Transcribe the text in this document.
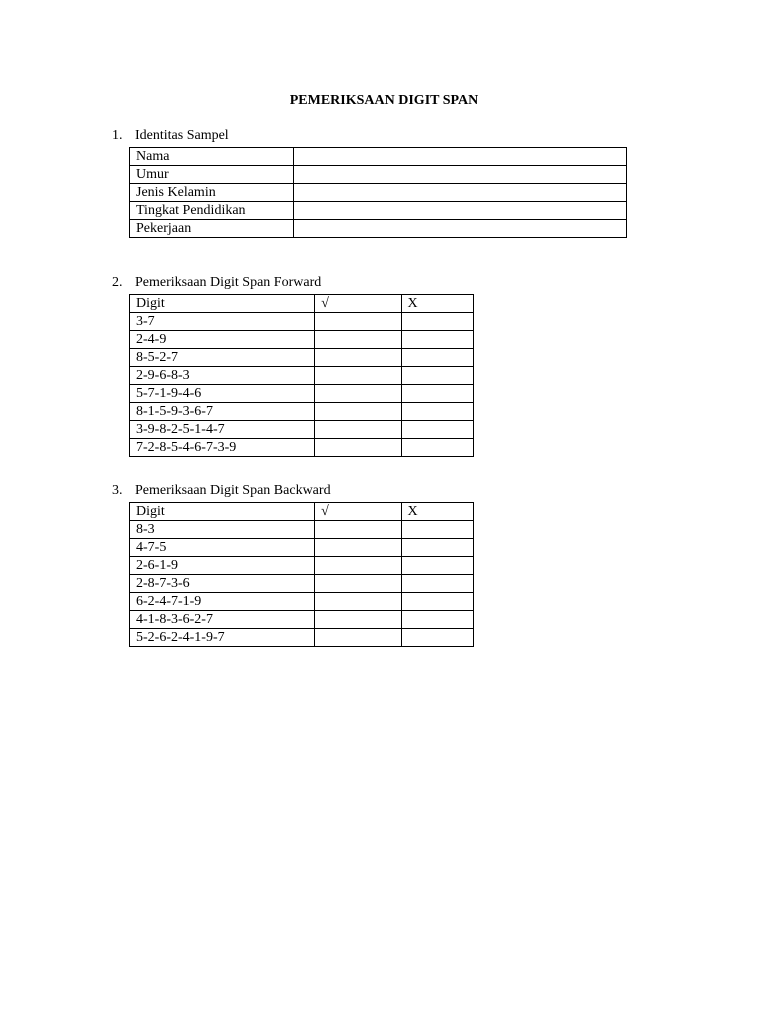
PEMERIKSAAN DIGIT SPAN
1. Identitas Sampel
Nama	
Umur	
Jenis Kelamin	
Tingkat Pendidikan	
Pekerjaan	
2. Pemeriksaan Digit Span Forward
Digit	√	X
3-7		
2-4-9		
8-5-2-7		
2-9-6-8-3		
5-7-1-9-4-6		
8-1-5-9-3-6-7		
3-9-8-2-5-1-4-7		
7-2-8-5-4-6-7-3-9		
3. Pemeriksaan Digit Span Backward
Digit	√	X
8-3		
4-7-5		
2-6-1-9		
2-8-7-3-6		
6-2-4-7-1-9		
4-1-8-3-6-2-7		
5-2-6-2-4-1-9-7		
